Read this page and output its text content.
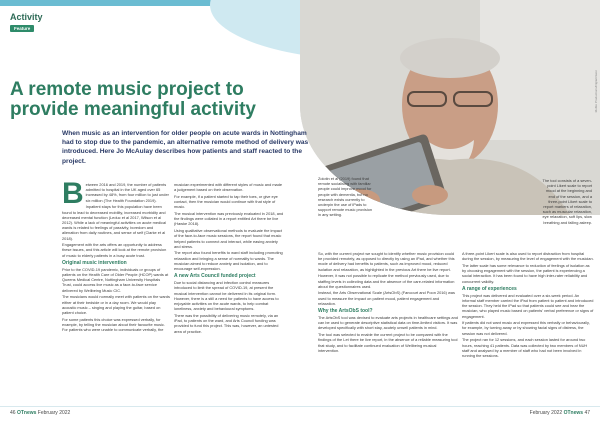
MoMo Productions/DigitalVision
Activity
Feature
A remote music project to provide meaningful activity

When music as an intervention for older people on acute wards in Nottingham had to stop due to the pandemic, an alternative remote method of delivery was introduced. Here Jo McAulay describes how patients and staff reacted to the project.

Between 2016 and 2019, the number of patients admitted to hospital in the UK aged over 65 increased by 48%, from four million to just under six million (The Health Foundation 2019).

Inpatient stays for this population have been found to lead to decreased mobility, increased morbidity and decreased mental function (Leduc et al 2017, Wilson et al 2012). While a lack of meaningful activities on acute medical wards is related to feelings of passivity, boredom and alienation from daily routines, and sense of self (Clarke et al 2018).

Engagement with the arts offers an opportunity to address these issues, and this article will look at the remote provision of music to elderly patients in a busy acute trust.

Original music intervention

Prior to the COVID-19 pandemic, individuals or groups of patients on the Health Care of Older People (HCOP) wards at Queens Medical Centre, Nottingham University Hospitals Trust, could access live music as a face-to-face service delivered by Wellbeing Music CIC.

The musicians would normally meet with patients on the wards either at their bedside or in a day room. We would play acoustic music – singing and playing the guitar, based on patient choice.

For some patients this choice was expressed verbally, for example, by telling the musician about their favourite music. For patients who were unable to communicate verbally, the

musician experimented with different styles of music and made a judgement based on their observation.

For example, if a patient started to tap their toes, or give eye contact, then the musician would continue with that style of music.

The musical intervention was previously evaluated in 2018, and the findings were collated in a report entitled Art there be live (Hawke 2018).

Using qualitative observational methods to evaluate the impact of the face-to-face music sessions, the report found that music helped patients to connect and interact, while easing anxiety and stress.

The report also found benefits to ward staff including promoting relaxation and bringing a sense of normality to wards. The musician aimed to reduce anxiety and isolation, and to encourage self-expression.

A new Arts Council funded project

Due to social distancing and infection control measures introduced to limit the spread of COVID-19, at present the musical intervention cannot be delivered in its original form. However, there is a still a need for patients to have access to enjoyable activities on the acute wards, to help combat loneliness, anxiety and behavioural symptoms.

There was the possibility of delivering music remotely, via an iPad, to patients on the ward, and Arts Council funding was provided to fund this project. This was, however, an untested area of practice.

Zolotin et al (2019) found that remote socialising with familiar people could improve mood for people with dementia, but no research exists currently to underpin the use of iPads to support remote music provision in any setting.

So, with the current project we sought to identify whether music provision could be provided remotely, as opposed to directly by using an iPad, and whether this mode of delivery had benefits to patients, such as improved mood, reduced isolation and relaxation, as highlighted in the previous Art there be live report.

However, it was not possible to replicate the method previously used, due to staffing levels in collecting data and the absence of the care-related information about the questionnaires used.

Instead, the Arts Observational Scale (ArtsObS) (Fancourt and Poon 2016) was used to measure the impact on patient mood, patient engagement and relaxation.

Why the ArtsObS tool?

The ArtsObS tool was devised to evaluate arts projects in healthcare settings and can be used to generate descriptive statistical data on time-limited visitors. It was developed specifically with short stay, acutely unwell patients in mind.

The tool was selected to enable the current project to be compared with the findings of the Let there be live report, in the absence of a reliable measuring tool that study, and to facilitate continued evaluation of Wellbeing musical intervention.

The tool consists of a seven-point Likert scale to report mood at the beginning and end of the session, and a three-point Likert scale to report markers of relaxation, such as muscular relaxation, eye relaxation, soft lips, slow breathing and falling asleep.

A three-point Likert scale is also used to report distraction from hospital during the session, by measuring the level of engagement with the musician.

The latter scale has some relevance to reduction of feelings of isolation as by choosing engagement with the session, the patient is experiencing a social interaction. It has been found to have high inter-rater reliability and concurrent validity.

A range of experiences

This project was delivered and evaluated over a six-week period. An informal staff member carried the iPad from patient to patient and introduced the session. They held the iPad so that patients could see and hear the musician, who played music based on patients' verbal preference or signs of engagement.

If patients did not want music and expressed this verbally or behaviourally, for example, by turning away or by showing facial signs of distress, the session was not delivered.

The project ran for 12 sessions, and each session lasted for around two hours, reaching 41 patients. Data was collected by two members of NUH staff and analysed by a member of staff who had not been involved in running the sessions.

46 OTnews February 2022	February 2022 OTnews 47
